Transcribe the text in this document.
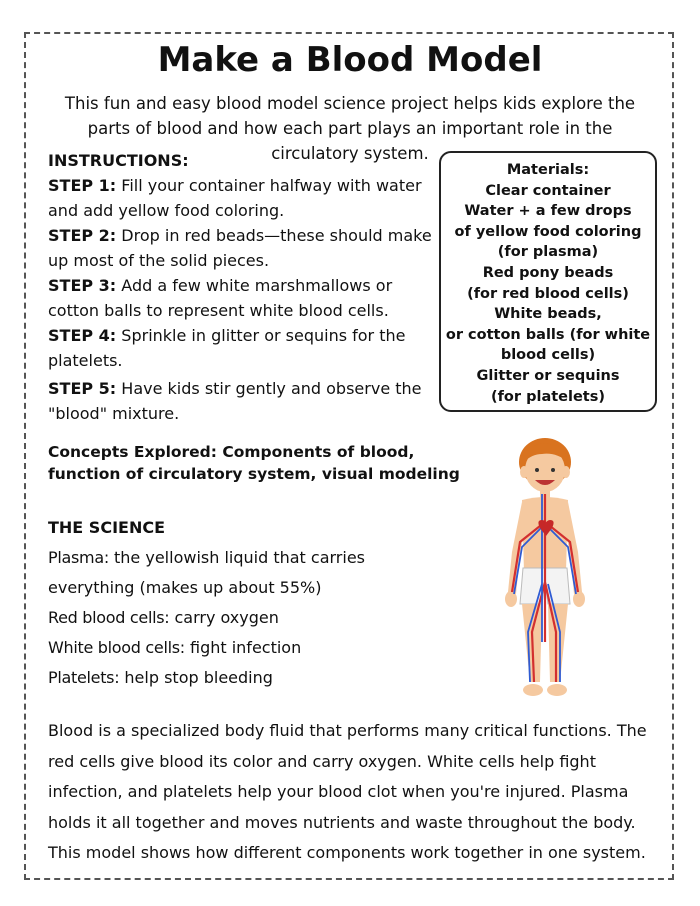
Make a Blood Model
This fun and easy blood model science project helps kids explore the parts of blood and how each part plays an important role in the circulatory system.

INSTRUCTIONS:

STEP 1: Fill your container halfway with water and add yellow food coloring.

STEP 2: Drop in red beads—these should make up most of the solid pieces.

STEP 3: Add a few white marshmallows or cotton balls to represent white blood cells.

STEP 4: Sprinkle in glitter or sequins for the platelets.

STEP 5: Have kids stir gently and observe the "blood" mixture.

Materials:
Clear container
Water + a few drops
of yellow food coloring
(for plasma)
Red pony beads
(for red blood cells)
White beads,
or cotton balls (for white
blood cells)
Glitter or sequins
(for platelets)
Concepts Explored: Components of blood, function of circulatory system, visual modeling

THE SCIENCE

Plasma: the yellowish liquid that carries

everything (makes up about 55%)

Red blood cells: carry oxygen

White blood cells: fight infection

Platelets: help stop bleeding

Blood is a specialized body fluid that performs many critical functions. The red cells give blood its color and carry oxygen. White cells help fight infection, and platelets help your blood clot when you're injured. Plasma holds it all together and moves nutrients and waste throughout the body. This model shows how different components work together in one system.
